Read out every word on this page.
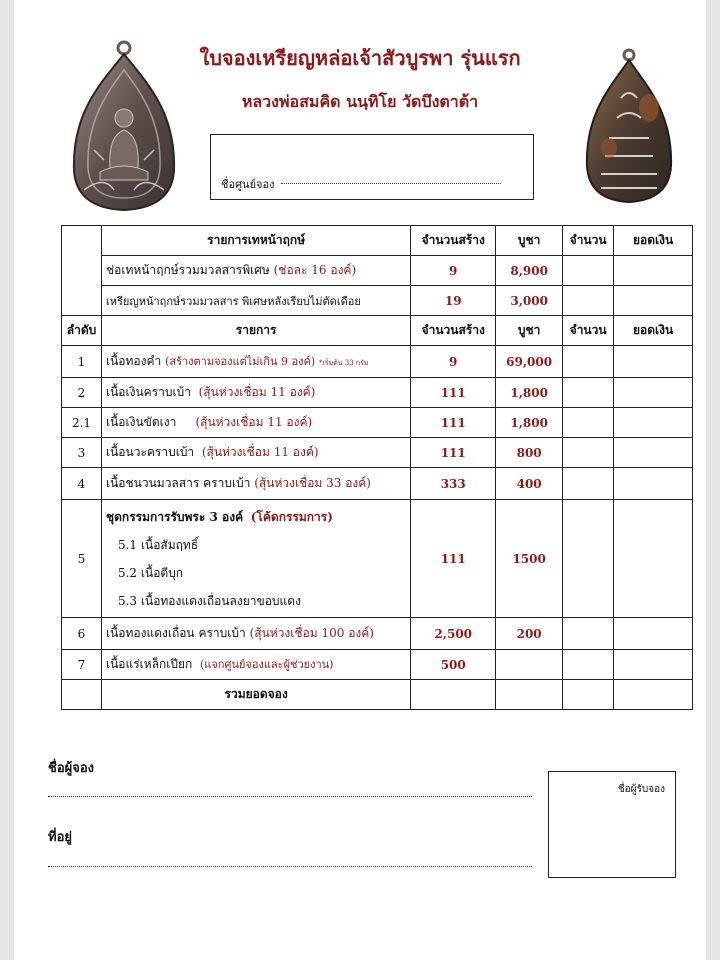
ใบจองเหรียญหล่อเจ้าสัวบูรพา รุ่นแรก
หลวงพ่อสมคิด นนฺทิโย วัดบึงตาต้า
ชื่อศูนย์จอง
	รายการเทหน้าฤกษ์	จำนวนสร้าง	บูชา	จำนวน	ยอดเงิน
	ช่อเทหน้าฤกษ์รวมมวลสารพิเศษ (ช่อละ 16 องค์)	9	8,900		
	เหรียญหน้าฤกษ์รวมมวลสาร พิเศษหลังเรียบไม่ตัดเดือย	19	3,000		
ลำดับ	รายการ	จำนวนสร้าง	บูชา	จำนวน	ยอดเงิน
1	เนื้อทองคำ (สร้างตามจองแต่ไม่เกิน 9 องค์) *เริ่มต้น 33 กรัม	9	69,000		
2	เนื้อเงินคราบเบ้า (สุ้นห่วงเชื่อม 11 องค์)	111	1,800		
2.1	เนื้อเงินขัดเงา (สุ้นห่วงเชื่อม 11 องค์)	111	1,800		
3	เนื้อนวะคราบเบ้า (สุ้นห่วงเชื่อม 11 องค์)	111	800		
4	เนื้อชนวนมวลสาร คราบเบ้า (สุ้นห่วงเชื่อม 33 องค์)	333	400		
5	ชุดกรรมการรับพระ 3 องค์ (โค้ดกรรมการ)
5.1 เนื้อสัมฤทธิ์
5.2 เนื้อตีบุก
5.3 เนื้อทองแดงเถื่อนลงยาขอบแดง	111	1500		
6	เนื้อทองแดงเถื่อน คราบเบ้า (สุ้นห่วงเชื่อม 100 องค์)	2,500	200		
7	เนื้อแร่เหล็กเปียก (แจกศูนย์จองและผู้ช่วยงาน)	500			
	รวมยอดจอง				
ชื่อผู้จอง
ที่อยู่
ชื่อผู้รับจอง
